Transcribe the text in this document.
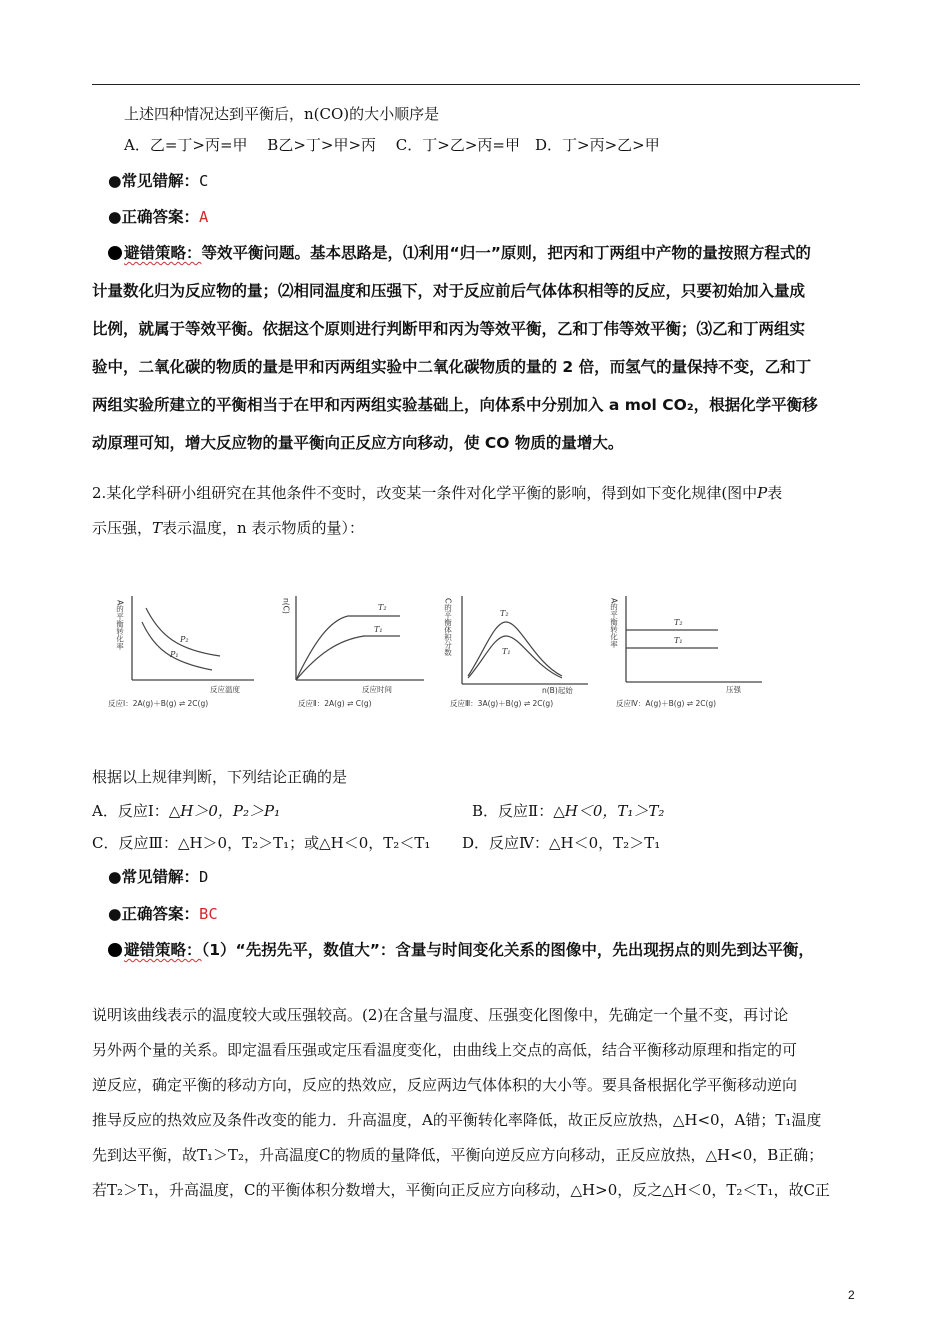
上述四种情况达到平衡后，n(CO)的大小顺序是
A．乙=丁>丙=甲　 B乙>丁>甲>丙　 C．丁>乙>丙=甲　D．丁>丙>乙>甲
●常见错解：C
●正确答案：A
避错策略：等效平衡问题。基本思路是，⑴利用“归一”原则，把丙和丁两组中产物的量按照方程式的
计量数化归为反应物的量；⑵相同温度和压强下，对于反应前后气体体积相等的反应，只要初始加入量成
比例，就属于等效平衡。依据这个原则进行判断甲和丙为等效平衡，乙和丁伟等效平衡；⑶乙和丁两组实
验中，二氧化碳的物质的量是甲和丙两组实验中二氧化碳物质的量的 2 倍，而氢气的量保持不变，乙和丁
两组实验所建立的平衡相当于在甲和丙两组实验基础上，向体系中分别加入 a mol CO₂，根据化学平衡移
动原理可知，增大反应物的量平衡向正反应方向移动，使 CO 物质的量增大。
2.某化学科研小组研究在其他条件不变时，改变某一条件对化学平衡的影响，得到如下变化规律(图中P表
示压强，T表示温度，n 表示物质的量）：
A的平衡转化率	P₂
P₁
反应温度
反应Ⅰ：2A(g)＋B(g) ⇌ 2C(g)
n(C)	T₂
T₁
反应时间
反应Ⅱ：2A(g) ⇌ C(g)
C的平衡体积分数	T₂
T₁
n(B)起始
反应Ⅲ：3A(g)＋B(g) ⇌ 2C(g)
A的平衡转化率	T₂
T₁
压强
反应Ⅳ：A(g)＋B(g) ⇌ 2C(g)
根据以上规律判断，下列结论正确的是
A．反应Ⅰ：△H＞0，P₂＞P₁	B．反应Ⅱ：△H＜0，T₁＞T₂
C．反应Ⅲ：△H＞0，T₂＞T₁；或△H＜0，T₂＜T₁ D．反应Ⅳ：△H＜0，T₂＞T₁
●常见错解：D
●正确答案：BC
避错策略：（1）“先拐先平，数值大”：含量与时间变化关系的图像中，先出现拐点的则先到达平衡，
说明该曲线表示的温度较大或压强较高。(2)在含量与温度、压强变化图像中，先确定一个量不变，再讨论
另外两个量的关系。即定温看压强或定压看温度变化，由曲线上交点的高低，结合平衡移动原理和指定的可
逆反应，确定平衡的移动方向，反应的热效应，反应两边气体体积的大小等。要具备根据化学平衡移动逆向
推导反应的热效应及条件改变的能力．升高温度，A的平衡转化率降低，故正反应放热，△H<0，A错；T₁温度
先到达平衡，故T₁＞T₂，升高温度C的物质的量降低，平衡向逆反应方向移动，正反应放热，△H<0，B正确；
若T₂＞T₁，升高温度，C的平衡体积分数增大，平衡向正反应方向移动，△H>0，反之△H＜0，T₂＜T₁，故C正
2
